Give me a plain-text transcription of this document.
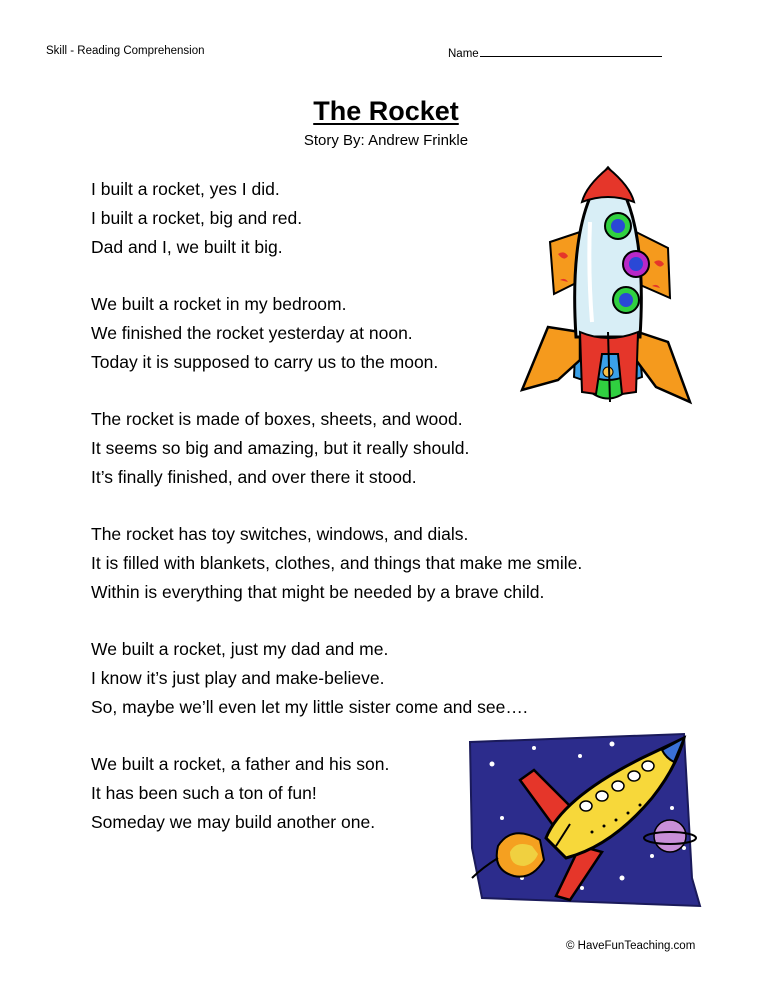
Skill - Reading Comprehension	Name
The Rocket
Story By: Andrew Frinkle
I built a rocket, yes I did.
I built a rocket, big and red.
Dad and I, we built it big.
We built a rocket in my bedroom.
We finished the rocket yesterday at noon.
Today it is supposed to carry us to the moon.
The rocket is made of boxes, sheets, and wood.
It seems so big and amazing, but it really should.
It’s finally finished, and over there it stood.
The rocket has toy switches, windows, and dials.
It is filled with blankets, clothes, and things that make me smile.
Within is everything that might be needed by a brave child.
We built a rocket, just my dad and me.
I know it’s just play and make-believe.
So, maybe we’ll even let my little sister come and see….
We built a rocket, a father and his son.
It has been such a ton of fun!
Someday we may build another one.
© HaveFunTeaching.com
